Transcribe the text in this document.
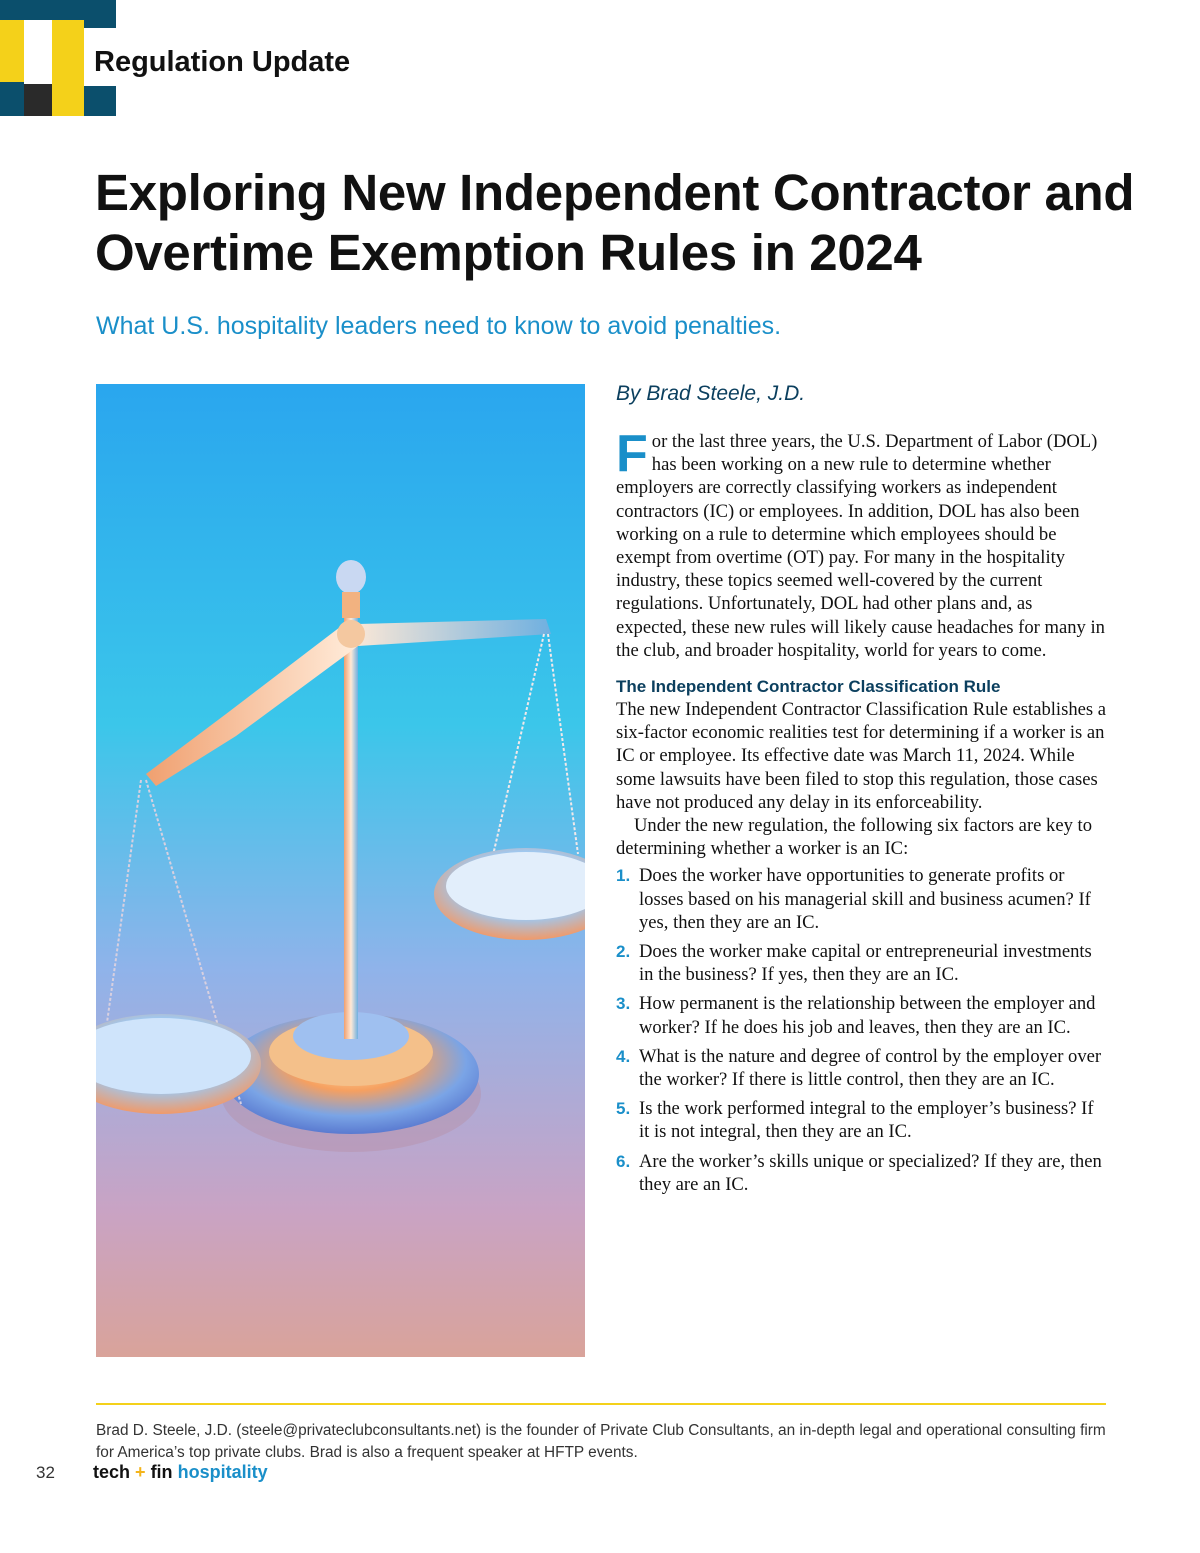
Regulation Update
Exploring New Independent Contractor and Overtime Exemption Rules in 2024

What U.S. hospitality leaders need to know to avoid penalties.

By Brad Steele, J.D.

For the last three years, the U.S. Department of Labor (DOL) has been working on a new rule to determine whether employers are correctly classifying workers as independent contractors (IC) or employees. In addition, DOL has also been working on a rule to determine which employees should be exempt from overtime (OT) pay. For many in the hospitality industry, these topics seemed well-covered by the current regulations. Unfortunately, DOL had other plans and, as expected, these new rules will likely cause headaches for many in the club, and broader hospitality, world for years to come.

The Independent Contractor Classification Rule

The new Independent Contractor Classification Rule establishes a six-factor economic realities test for determining if a worker is an IC or employee. Its effective date was March 11, 2024. While some lawsuits have been filed to stop this regulation, those cases have not produced any delay in its enforceability.

Under the new regulation, the following six factors are key to determining whether a worker is an IC:

1. Does the worker have opportunities to generate profits or losses based on his managerial skill and business acumen? If yes, then they are an IC.
2. Does the worker make capital or entrepreneurial investments in the business? If yes, then they are an IC.
3. How permanent is the relationship between the employer and worker? If he does his job and leaves, then they are an IC.
4. What is the nature and degree of control by the employer over the worker? If there is little control, then they are an IC.
5. Is the work performed integral to the employer’s business? If it is not integral, then they are an IC.
6. Are the worker’s skills unique or specialized? If they are, then they are an IC.
Brad D. Steele, J.D. (steele@privateclubconsultants.net) is the founder of Private Club Consultants, an in-depth legal and operational consulting firm for America’s top private clubs. Brad is also a frequent speaker at HFTP events.
32 tech + fin hospitality
